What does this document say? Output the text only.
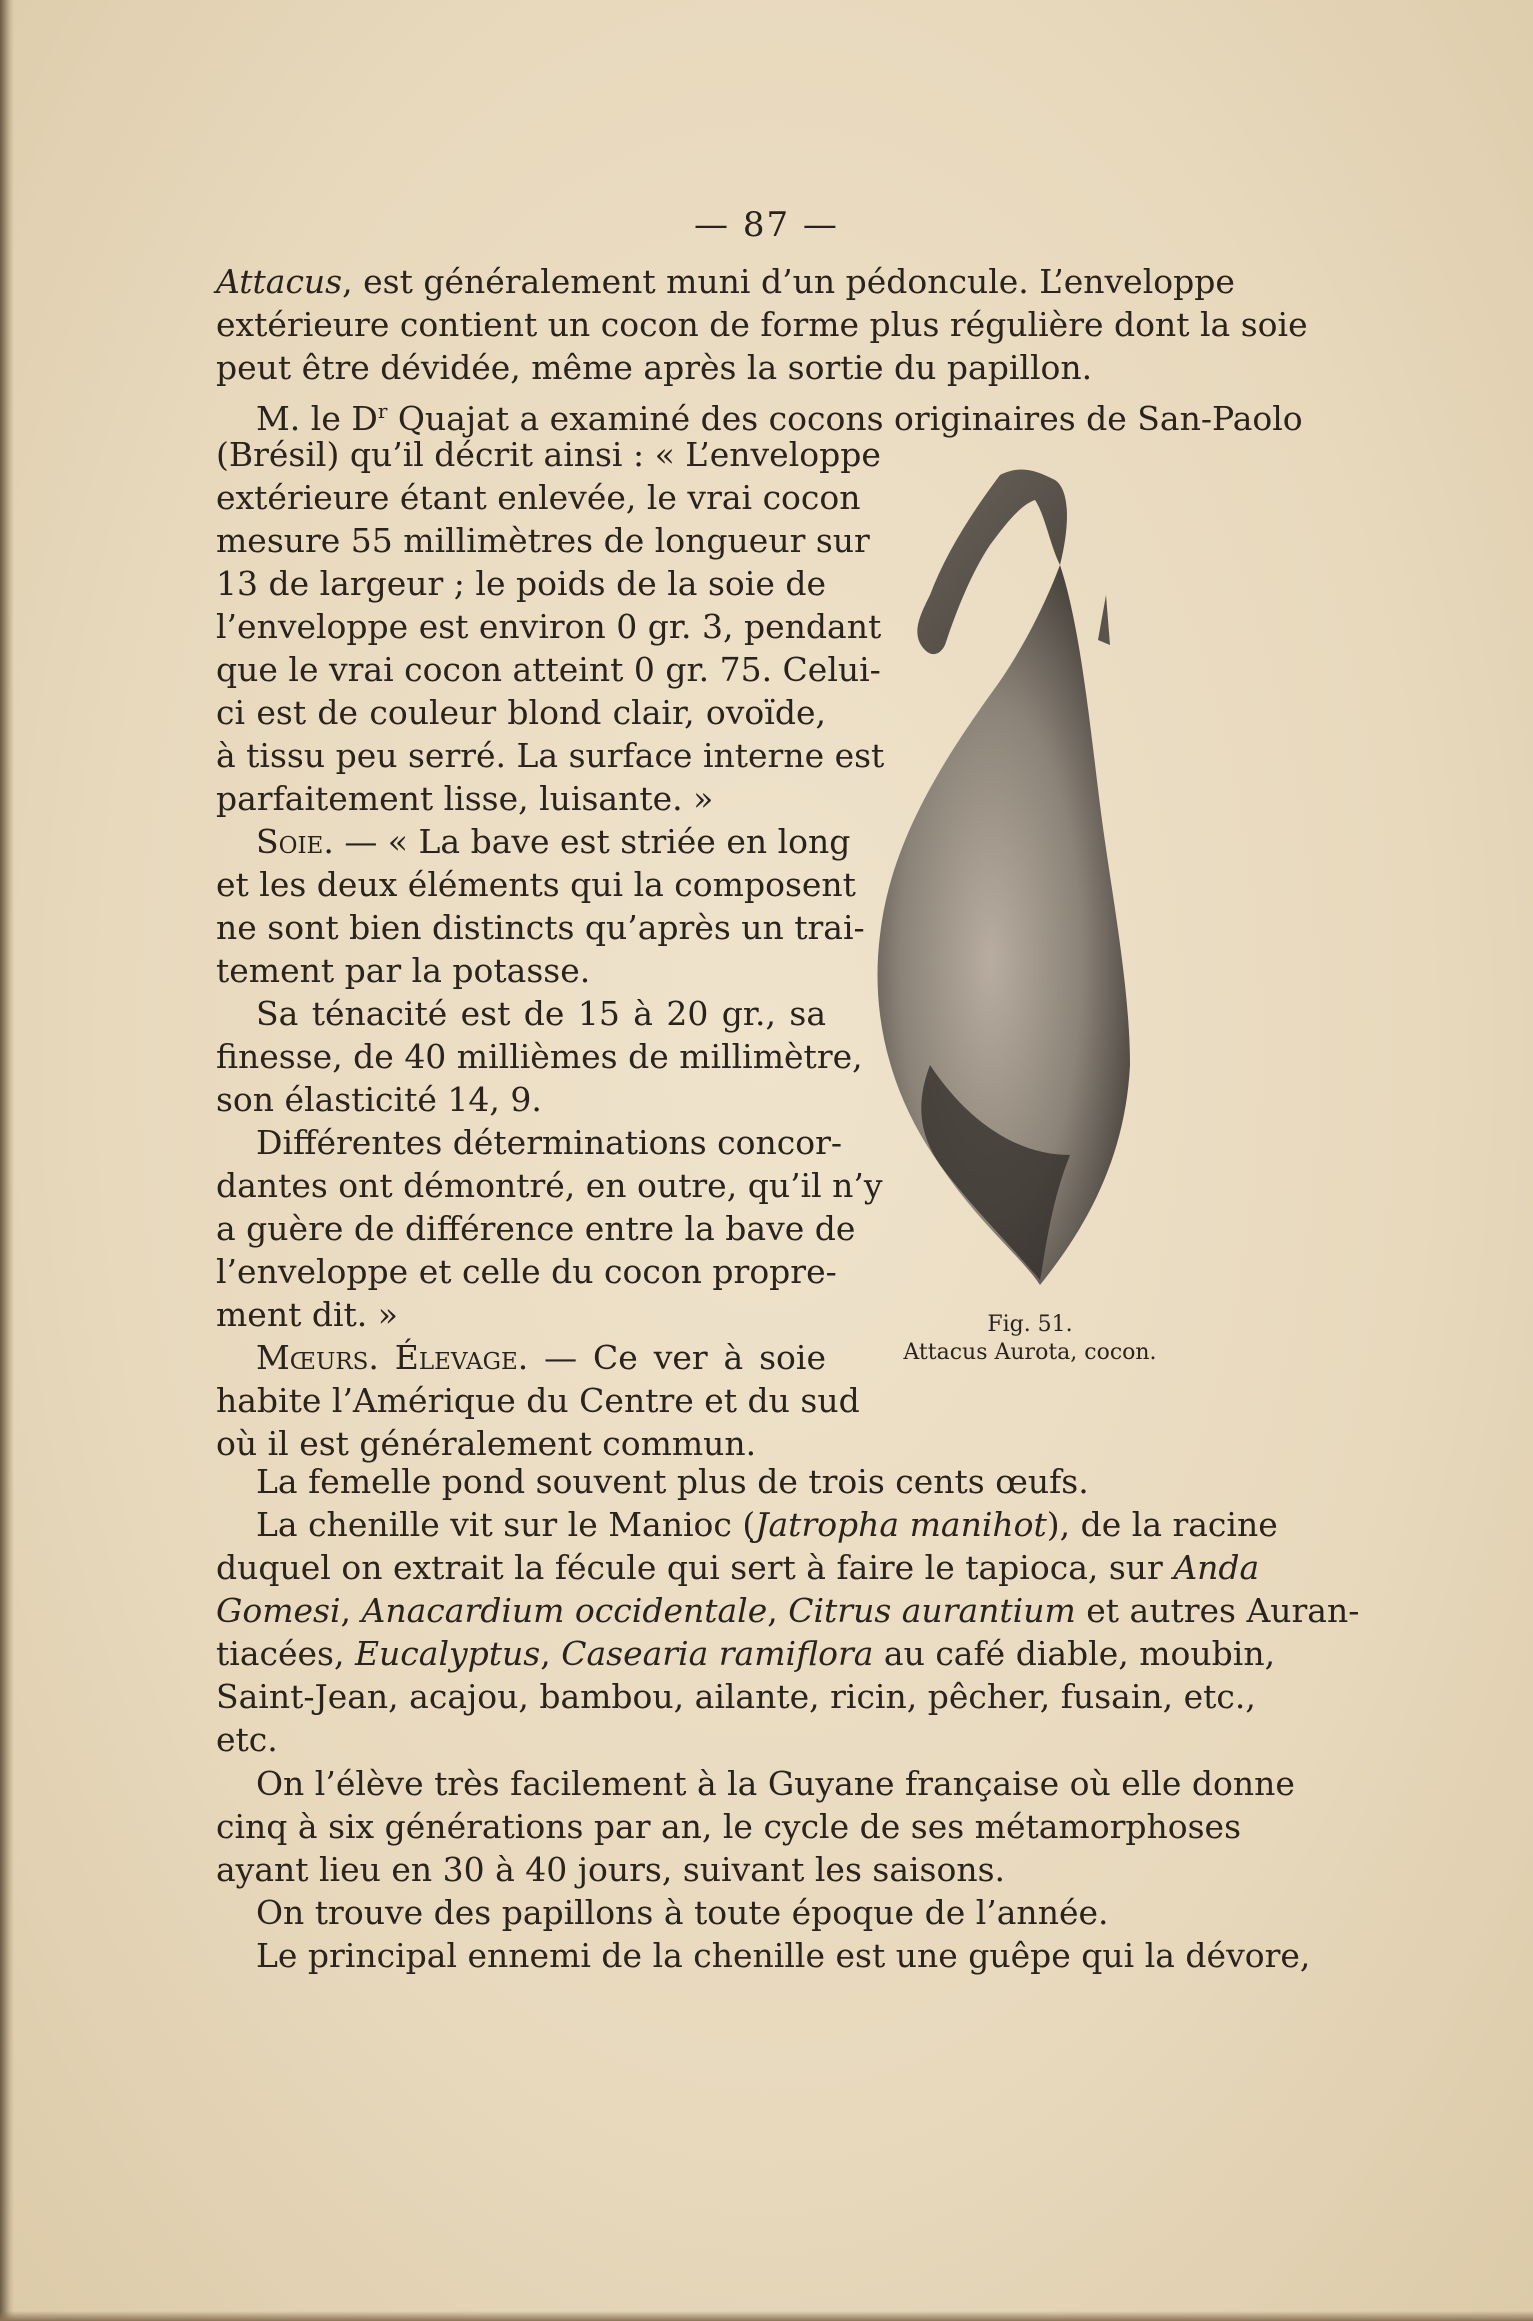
— 87 —

Attacus, est généralement muni d’un pédoncule. L’enveloppe
extérieure contient un cocon de forme plus régulière dont la soie
peut être dévidée, même après la sortie du papillon.

M. le $D^r$ Quajat a examiné des cocons originaires de San-Paolo

(Brésil) qu’il décrit ainsi : « L’enveloppe
extérieure étant enlevée, le vrai cocon
mesure 55 millimètres de longueur sur
13 de largeur ; le poids de la soie de
l’enveloppe est environ 0 gr. 3, pendant
que le vrai cocon atteint 0 gr. 75. Celui-
ci est de couleur blond clair, ovoïde,
à tissu peu serré. La surface interne est
parfaitement lisse, luisante. »
Soie. — « La bave est striée en long
et les deux éléments qui la composent
ne sont bien distincts qu’après un trai-
tement par la potasse.
Sa ténacité est de 15 à 20 gr., sa
finesse, de 40 millièmes de millimètre,
son élasticité 14, 9.
Différentes déterminations concor-
dantes ont démontré, en outre, qu’il n’y
a guère de différence entre la bave de
l’enveloppe et celle du cocon propre-
ment dit. »
Mœurs. Élevage. — Ce ver à soie
habite l’Amérique du Centre et du sud
où il est généralement commun.

Fig. 51.
Attacus Aurota, cocon.

La femelle pond souvent plus de trois cents œufs.

La chenille vit sur le Manioc (Jatropha manihot), de la racine
duquel on extrait la fécule qui sert à faire le tapioca, sur Anda
Gomesi, Anacardium occidentale, Citrus aurantium et autres Auran-
tiacées, Eucalyptus, Casearia ramiflora au café diable, moubin,
Saint-Jean, acajou, bambou, ailante, ricin, pêcher, fusain, etc.,
etc.

On l’élève très facilement à la Guyane française où elle donne
cinq à six générations par an, le cycle de ses métamorphoses
ayant lieu en 30 à 40 jours, suivant les saisons.

On trouve des papillons à toute époque de l’année.

Le principal ennemi de la chenille est une guêpe qui la dévore,
